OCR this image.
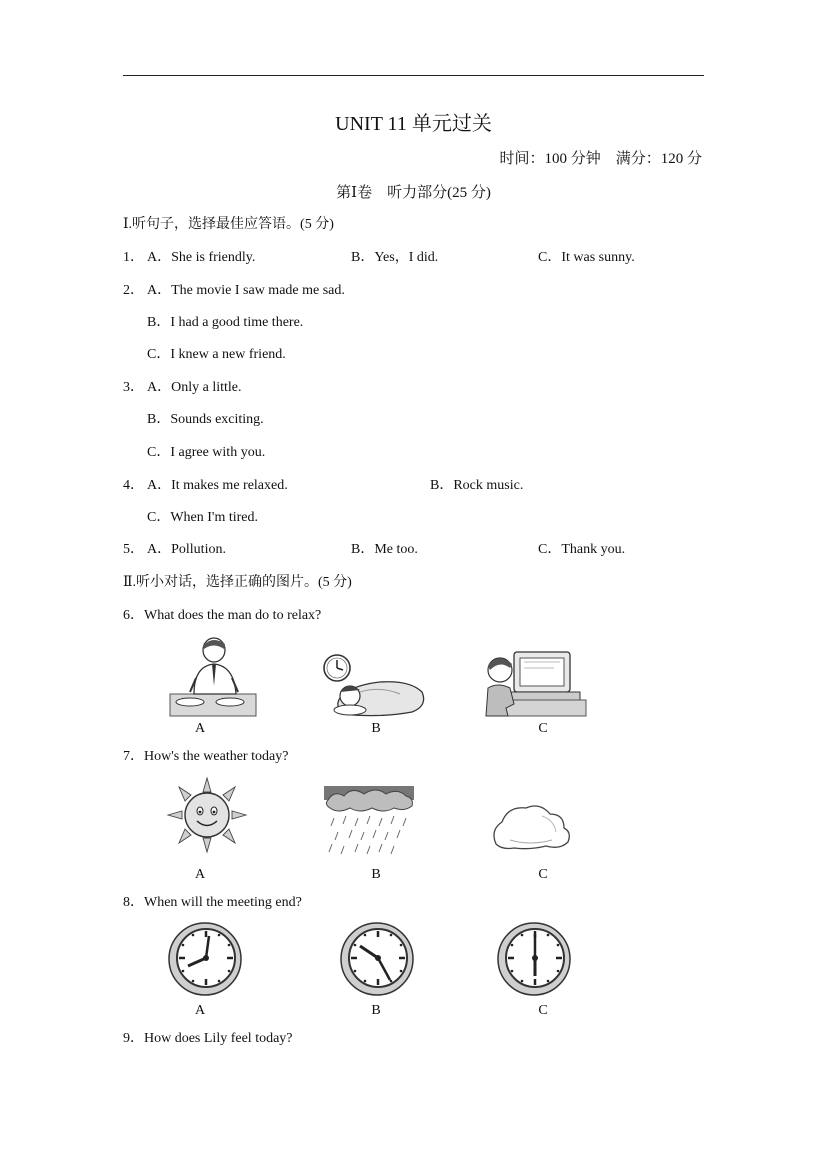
UNIT 11 单元过关
时间：100 分钟　满分：120 分
第Ⅰ卷　听力部分(25 分)
Ⅰ.听句子，选择最佳应答语。(5 分)
1． A．She is friendly.	B．Yes，I did.	C．It was sunny.
2． A．The movie I saw made me sad.
B．I had a good time there.
C．I knew a new friend.
3． A．Only a little.
B．Sounds exciting.
C．I agree with you.
4． A．It makes me relaxed.	B．Rock music.
C．When I'm tired.
5． A．Pollution.	B．Me too.	C．Thank you.
Ⅱ.听小对话，选择正确的图片。(5 分)
6．What does the man do to relax?
A	B	C
7．How's the weather today?
A	B	C
8．When will the meeting end?
A	B	C
9．How does Lily feel today?
